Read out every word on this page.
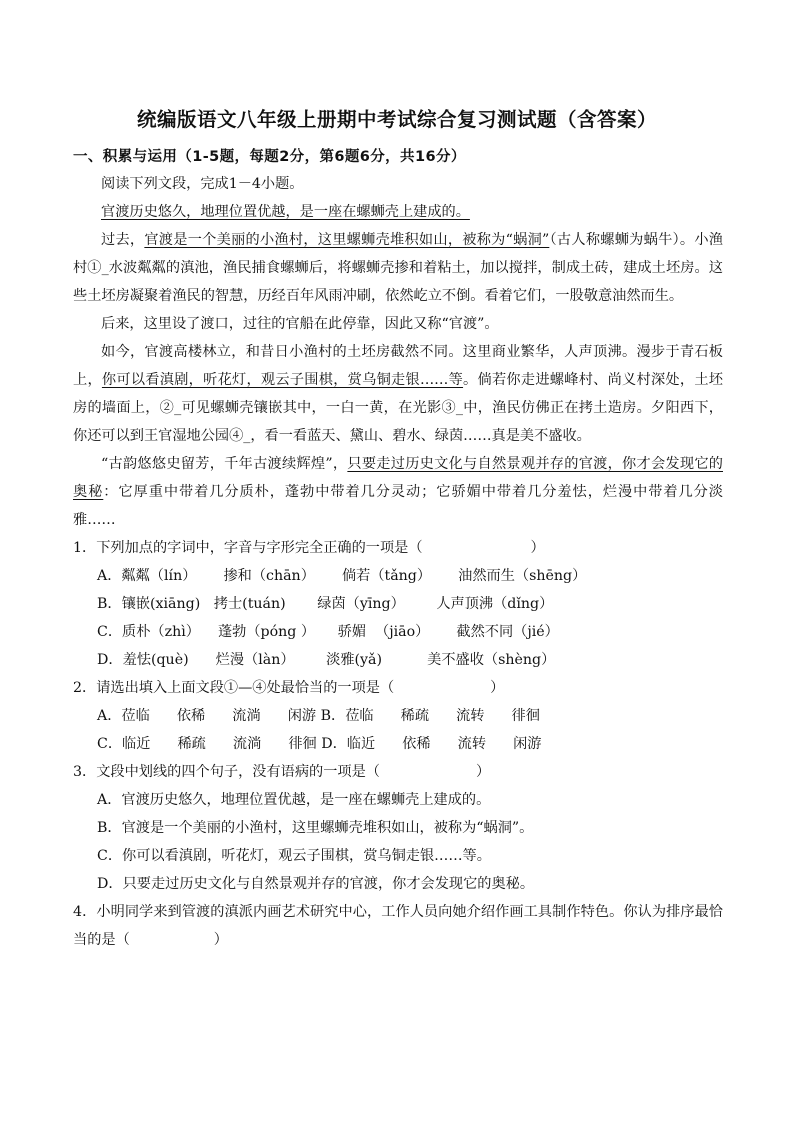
统编版语文八年级上册期中考试综合复习测试题（含答案）
一、积累与运用（1-5题，每题2分，第6题6分，共16分）

阅读下列文段，完成1－4小题。

官渡历史悠久，地理位置优越，是一座在螺蛳壳上建成的。

过去，官渡是一个美丽的小渔村，这里螺蛳壳堆积如山，被称为“蜗洞”（古人称螺蛳为蜗牛）。小渔村①_水波粼粼的滇池，渔民捕食螺蛳后，将螺蛳壳掺和着粘土，加以搅拌，制成土砖，建成土坯房。这些土坯房凝聚着渔民的智慧，历经百年风雨冲刷，依然屹立不倒。看着它们，一股敬意油然而生。

后来，这里设了渡口，过往的官船在此停靠，因此又称“官渡”。

如今，官渡高楼林立，和昔日小渔村的土坯房截然不同。这里商业繁华，人声顶沸。漫步于青石板上，你可以看滇剧，听花灯，观云子围棋，赏乌铜走银……等。倘若你走进螺峰村、尚义村深处，土坯房的墙面上，②_可见螺蛳壳镶嵌其中，一白一黄，在光影③_中，渔民仿佛正在拷土造房。夕阳西下，你还可以到王官湿地公园④_，看一看蓝天、黛山、碧水、绿茵……真是美不盛收。

“古韵悠悠史留芳，千年古渡续辉煌”，只要走过历史文化与自然景观并存的官渡，你才会发现它的奥秘：它厚重中带着几分质朴，蓬勃中带着几分灵动；它骄媚中带着几分羞怯，烂漫中带着几分淡雅……

1．下列加点的字词中，字音与字形完全正确的一项是（	）

A．粼粼（lín）      掺和（chān）      倘若（tǎng）      油然而生（shēng）
B．镶嵌(xiāng)   拷士(tuán)       绿茵（yīng）       人声顶沸（dǐng）
C．质朴（zhì）    蓬勃（póng ）     骄媚  （jiāo）      截然不同（jié）
D．羞怯(què)      烂漫（làn）       淡雅(yǎ)          美不盛收（shèng）

2．请选出填入上面文段①—④处最恰当的一项是（	）

A．莅临      依稀      流淌      闲游 B．莅临      稀疏      流转      徘徊
C．临近      稀疏      流淌      徘徊 D．临近      依稀      流转      闲游

3．文段中划线的四个句子，没有语病的一项是（	）

A．官渡历史悠久，地理位置优越，是一座在螺蛳壳上建成的。
B．官渡是一个美丽的小渔村，这里螺蛳壳堆积如山，被称为“蜗洞”。
C．你可以看滇剧，听花灯，观云子围棋，赏乌铜走银……等。
D．只要走过历史文化与自然景观并存的官渡，你才会发现它的奥秘。

4．小明同学来到管渡的滇派内画艺术研究中心，工作人员向她介绍作画工具制作特色。你认为排序最恰当的是（	）
